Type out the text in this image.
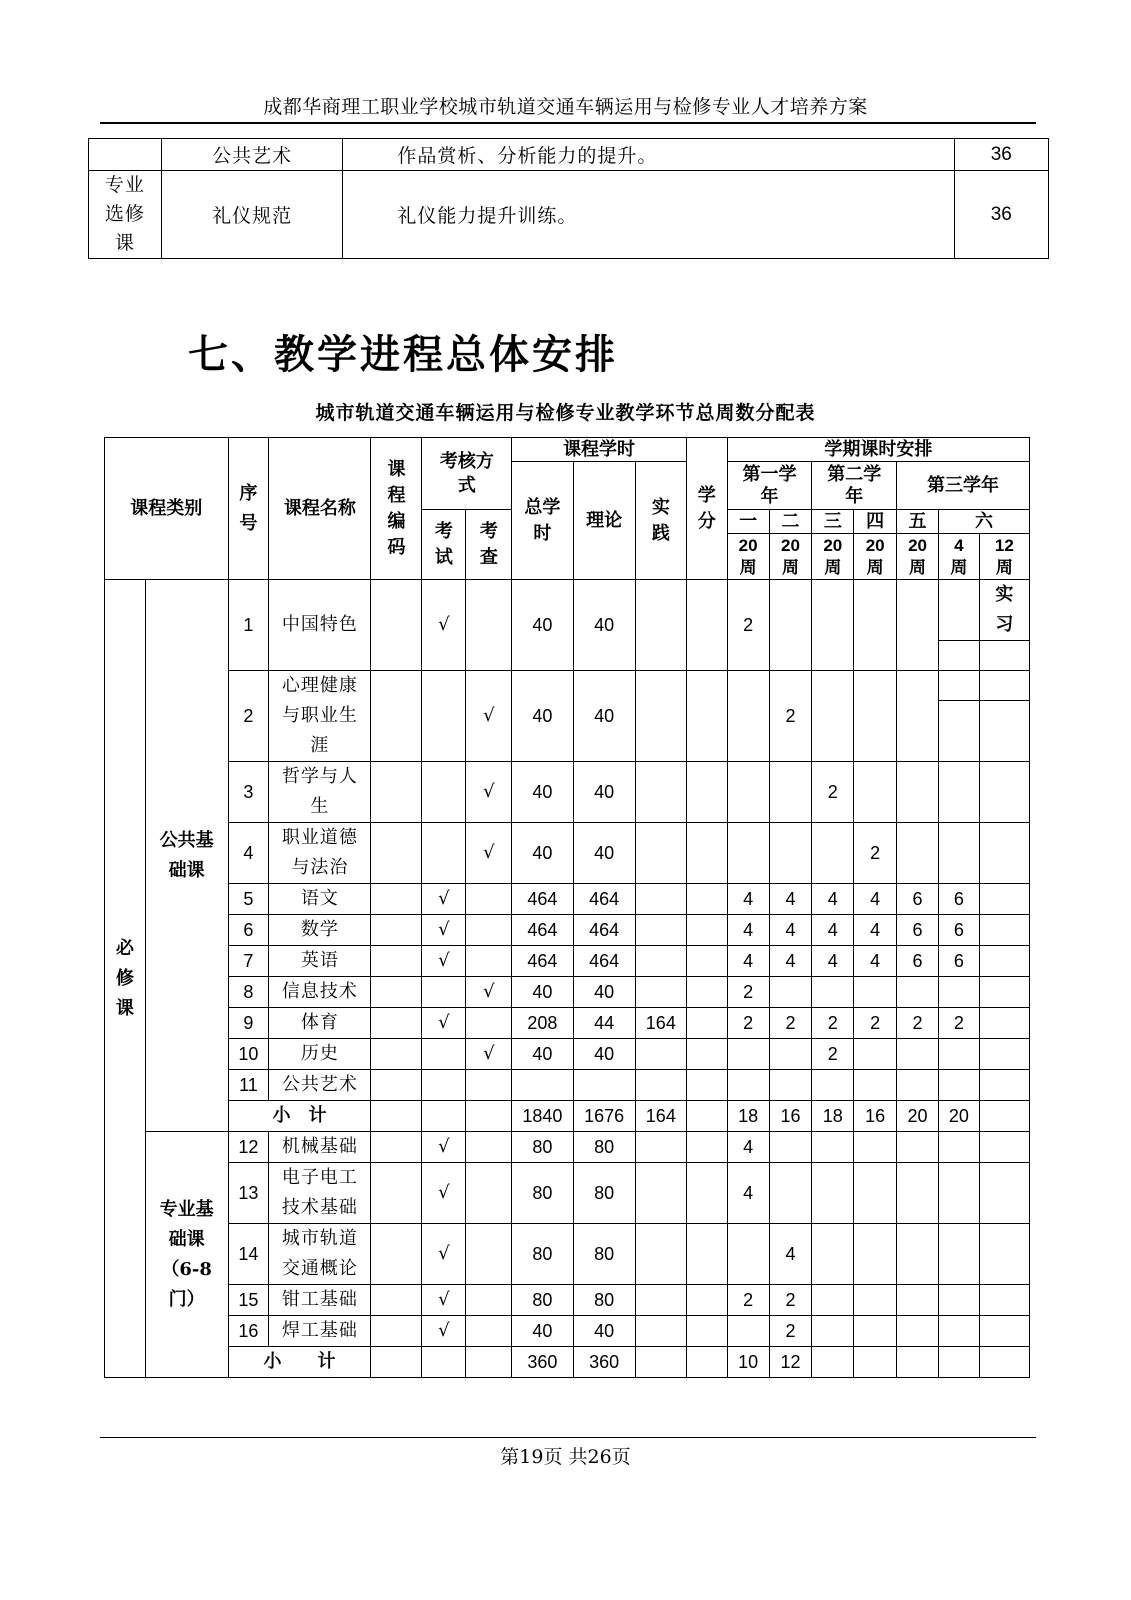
成都华商理工职业学校城市轨道交通车辆运用与检修专业人才培养方案
	公共艺术	作品赏析、分析能力的提升。	36
专业选修课	礼仪规范	礼仪能力提升训练。	36
七、教学进程总体安排
城市轨道交通车辆运用与检修专业教学环节总周数分配表
课程类别		序号	课程名称	课程编码	考核方式		课程学时			学分	学期课时安排						

							总学时	理论	实践		第一学年		第二学年		第三学年		

					考试	考查					一	二	三	四	五	六	

											20周	20周	20周	20周	20周	4周	12周

必修课	公共基础课	1	中国特色		√		40	40			2						实习

		2	心理健康与职业生涯			√	40	40				2					

		3	哲学与人生			√	40	40					2				
		4	职业道德与法治			√	40	40						2			
		5	语文		√		464	464			4	4	4	4	6	6	
		6	数学		√		464	464			4	4	4	4	6	6	
		7	英语		√		464	464			4	4	4	4	6	6	
		8	信息技术			√	40	40			2						
		9	体育		√		208	44	164		2	2	2	2	2	2	
		10	历史			√	40	40					2				
		11	公共艺术														
		小　计					1840	1676	164		18	16	18	16	20	20	

	专业基础课（6-8门）	12	机械基础		√		80	80			4						
		13	电子电工技术基础		√		80	80			4						
		14	城市轨道交通概论		√		80	80				4					
		15	钳工基础		√		80	80			2	2					
		16	焊工基础		√		40	40				2					
		小　　计					360	360			10	12					
第19页 共26页
